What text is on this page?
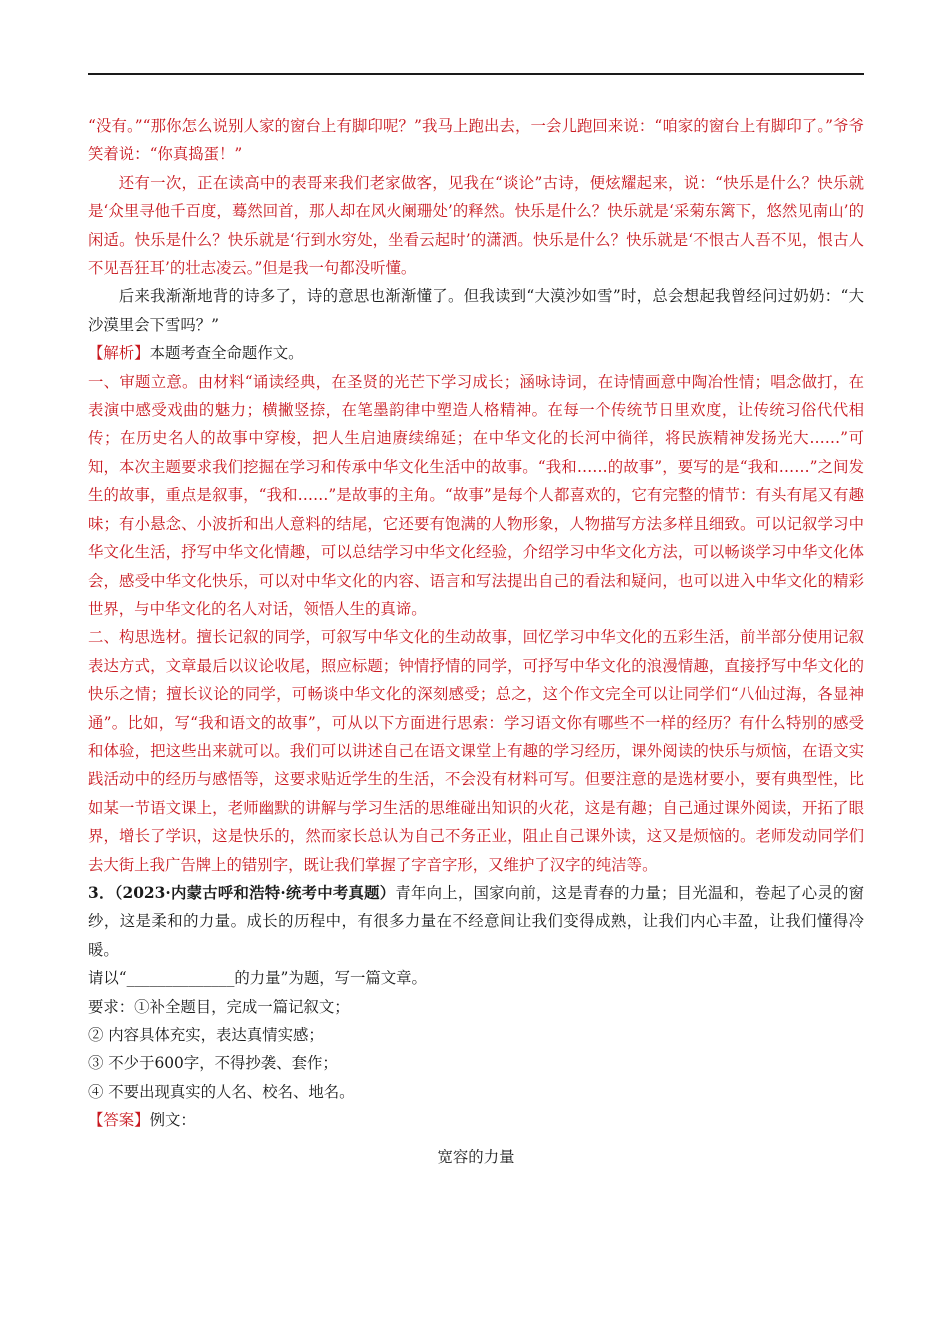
“没有。”“那你怎么说别人家的窗台上有脚印呢？”我马上跑出去，一会儿跑回来说：“咱家的窗台上有脚印了。”爷爷笑着说：“你真捣蛋！”

还有一次，正在读高中的表哥来我们老家做客，见我在“谈论”古诗，便炫耀起来，说：“快乐是什么？快乐就是‘众里寻他千百度，蓦然回首，那人却在风火阑珊处’的释然。快乐是什么？快乐就是‘采菊东篱下，悠然见南山’的闲适。快乐是什么？快乐就是‘行到水穷处，坐看云起时’的潇洒。快乐是什么？快乐就是‘不恨古人吾不见，恨古人不见吾狂耳’的壮志凌云。”但是我一句都没听懂。

后来我渐渐地背的诗多了，诗的意思也渐渐懂了。但我读到“大漠沙如雪”时，总会想起我曾经问过奶奶：“大沙漠里会下雪吗？”

【解析】本题考查全命题作文。

一、审题立意。由材料“诵读经典，在圣贤的光芒下学习成长；涵咏诗词，在诗情画意中陶冶性情；唱念做打，在表演中感受戏曲的魅力；横撇竖捺，在笔墨韵律中塑造人格精神。在每一个传统节日里欢度，让传统习俗代代相传；在历史名人的故事中穿梭，把人生启迪赓续绵延；在中华文化的长河中徜徉，将民族精神发扬光大……”可知，本次主题要求我们挖掘在学习和传承中华文化生活中的故事。“我和……的故事”，要写的是“我和……”之间发生的故事，重点是叙事，“我和……”是故事的主角。“故事”是每个人都喜欢的，它有完整的情节：有头有尾又有趣味；有小悬念、小波折和出人意料的结尾，它还要有饱满的人物形象，人物描写方法多样且细致。可以记叙学习中华文化生活，抒写中华文化情趣，可以总结学习中华文化经验，介绍学习中华文化方法，可以畅谈学习中华文化体会，感受中华文化快乐，可以对中华文化的内容、语言和写法提出自己的看法和疑问，也可以进入中华文化的精彩世界，与中华文化的名人对话，领悟人生的真谛。

二、构思选材。擅长记叙的同学，可叙写中华文化的生动故事，回忆学习中华文化的五彩生活，前半部分使用记叙表达方式，文章最后以议论收尾，照应标题；钟情抒情的同学，可抒写中华文化的浪漫情趣，直接抒写中华文化的快乐之情；擅长议论的同学，可畅谈中华文化的深刻感受；总之，这个作文完全可以让同学们“八仙过海，各显神通”。比如，写“我和语文的故事”，可从以下方面进行思索：学习语文你有哪些不一样的经历？有什么特别的感受和体验，把这些出来就可以。我们可以讲述自己在语文课堂上有趣的学习经历，课外阅读的快乐与烦恼，在语文实践活动中的经历与感悟等，这要求贴近学生的生活，不会没有材料可写。但要注意的是选材要小，要有典型性，比如某一节语文课上，老师幽默的讲解与学习生活的思维碰出知识的火花，这是有趣；自己通过课外阅读，开拓了眼界，增长了学识，这是快乐的，然而家长总认为自己不务正业，阻止自己课外读，这又是烦恼的。老师发动同学们去大街上我广告牌上的错别字，既让我们掌握了字音字形，又维护了汉字的纯洁等。

3．（2023·内蒙古呼和浩特·统考中考真题）青年向上，国家向前，这是青春的力量；目光温和，卷起了心灵的窗纱，这是柔和的力量。成长的历程中，有很多力量在不经意间让我们变得成熟，让我们内心丰盈，让我们懂得冷暖。

请以“______________的力量”为题，写一篇文章。

要求：①补全题目，完成一篇记叙文；

② 内容具体充实，表达真情实感；

③ 不少于600字，不得抄袭、套作；

④ 不要出现真实的人名、校名、地名。

【答案】例文：

宽容的力量
